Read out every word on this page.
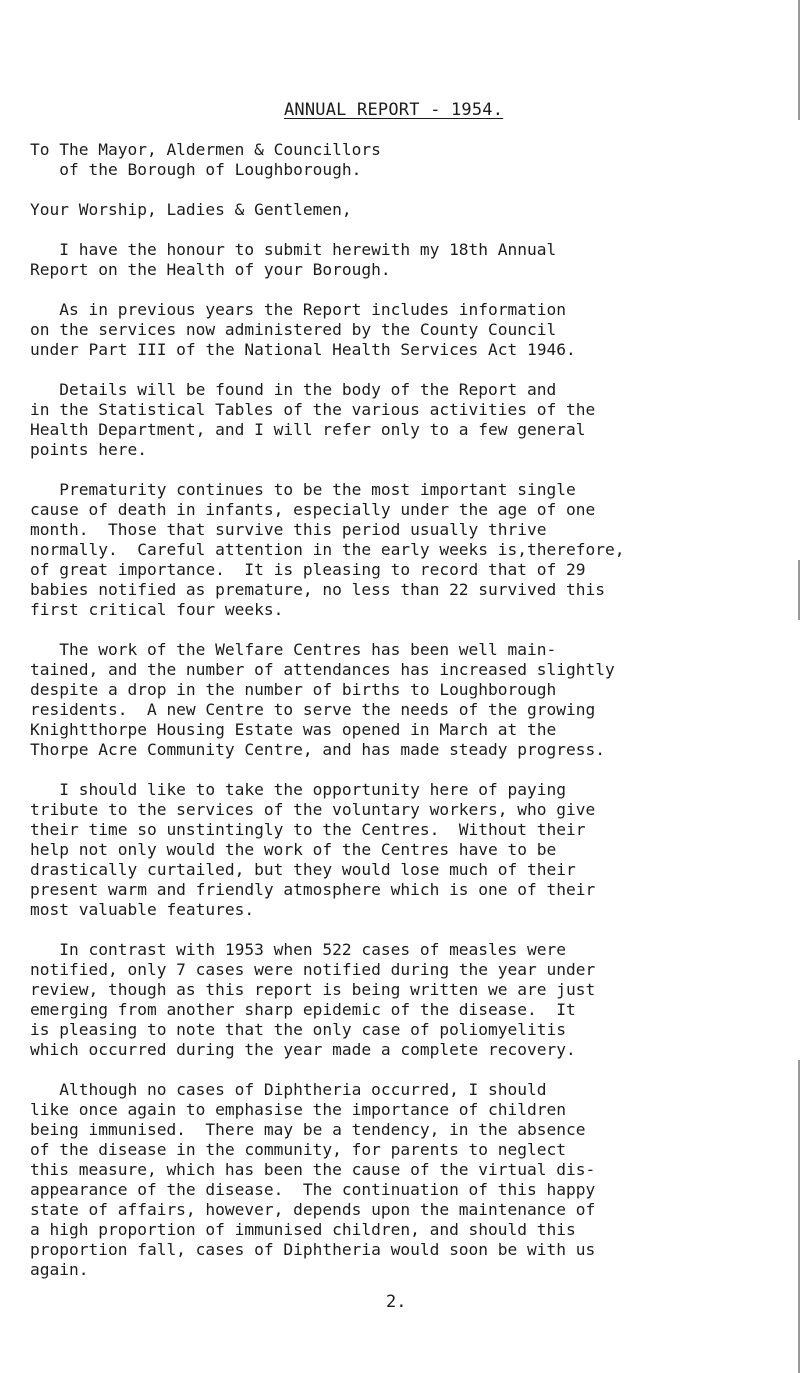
ANNUAL REPORT - 1954.
To The Mayor, Aldermen & Councillors
of the Borough of Loughborough.
Your Worship, Ladies & Gentlemen,
I have the honour to submit herewith my 18th Annual
Report on the Health of your Borough.
As in previous years the Report includes information
on the services now administered by the County Council
under Part III of the National Health Services Act 1946.
Details will be found in the body of the Report and
in the Statistical Tables of the various activities of the
Health Department, and I will refer only to a few general
points here.
Prematurity continues to be the most important single
cause of death in infants, especially under the age of one
month.  Those that survive this period usually thrive
normally.  Careful attention in the early weeks is,therefore,
of great importance.  It is pleasing to record that of 29
babies notified as premature, no less than 22 survived this
first critical four weeks.
The work of the Welfare Centres has been well main-
tained, and the number of attendances has increased slightly
despite a drop in the number of births to Loughborough
residents.  A new Centre to serve the needs of the growing
Knightthorpe Housing Estate was opened in March at the
Thorpe Acre Community Centre, and has made steady progress.
I should like to take the opportunity here of paying
tribute to the services of the voluntary workers, who give
their time so unstintingly to the Centres.  Without their
help not only would the work of the Centres have to be
drastically curtailed, but they would lose much of their
present warm and friendly atmosphere which is one of their
most valuable features.
In contrast with 1953 when 522 cases of measles were
notified, only 7 cases were notified during the year under
review, though as this report is being written we are just
emerging from another sharp epidemic of the disease.  It
is pleasing to note that the only case of poliomyelitis
which occurred during the year made a complete recovery.
Although no cases of Diphtheria occurred, I should
like once again to emphasise the importance of children
being immunised.  There may be a tendency, in the absence
of the disease in the community, for parents to neglect
this measure, which has been the cause of the virtual dis-
appearance of the disease.  The continuation of this happy
state of affairs, however, depends upon the maintenance of
a high proportion of immunised children, and should this
proportion fall, cases of Diphtheria would soon be with us
again.
2.
